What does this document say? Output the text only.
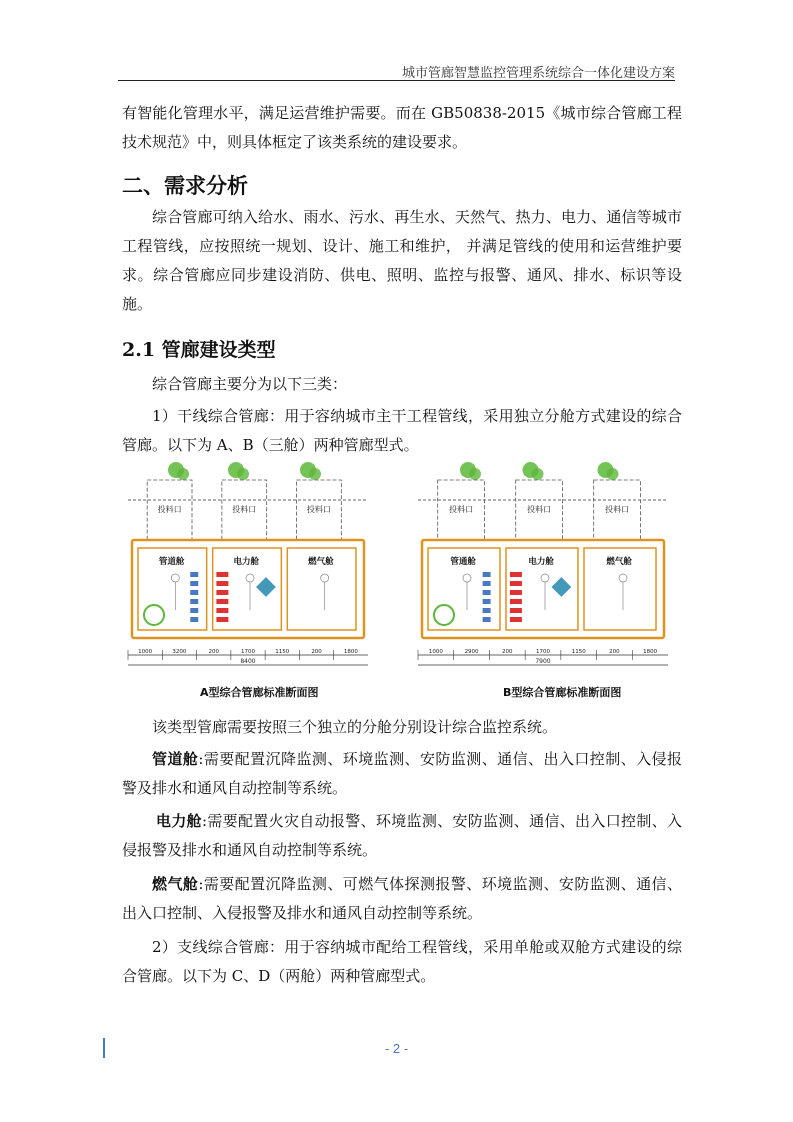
城市管廊智慧监控管理系统综合一体化建设方案
有智能化管理水平，满足运营维护需要。而在 GB50838-2015《城市综合管廊工程技术规范》中，则具体框定了该类系统的建设要求。
二、需求分析
综合管廊可纳入给水、雨水、污水、再生水、天然气、热力、电力、通信等城市工程管线，应按照统一规划、设计、施工和维护， 并满足管线的使用和运营维护要求。综合管廊应同步建设消防、供电、照明、监控与报警、通风、排水、标识等设施。
2.1 管廊建设类型
综合管廊主要分为以下三类：
1）干线综合管廊：用于容纳城市主干工程管线，采用独立分舱方式建设的综合管廊。以下为 A、B（三舱）两种管廊型式。
投料口	投料口	投料口
管道舱	电力舱	燃气舱
1000	3200	200	1700	1150	200	1800
8400
投料口	投料口	投料口
管通舱	电力舱	燃气舱
1000	2900	200	1700	1150	200	1800
7900
A型综合管廊标准断面图	B型综合管廊标准断面图
该类型管廊需要按照三个独立的分舱分别设计综合监控系统。
管道舱:需要配置沉降监测、环境监测、安防监测、通信、出入口控制、入侵报警及排水和通风自动控制等系统。
电力舱:需要配置火灾自动报警、环境监测、安防监测、通信、出入口控制、入侵报警及排水和通风自动控制等系统。
燃气舱:需要配置沉降监测、可燃气体探测报警、环境监测、安防监测、通信、出入口控制、入侵报警及排水和通风自动控制等系统。
2）支线综合管廊：用于容纳城市配给工程管线，采用单舱或双舱方式建设的综合管廊。以下为 C、D（两舱）两种管廊型式。
- 2 -
